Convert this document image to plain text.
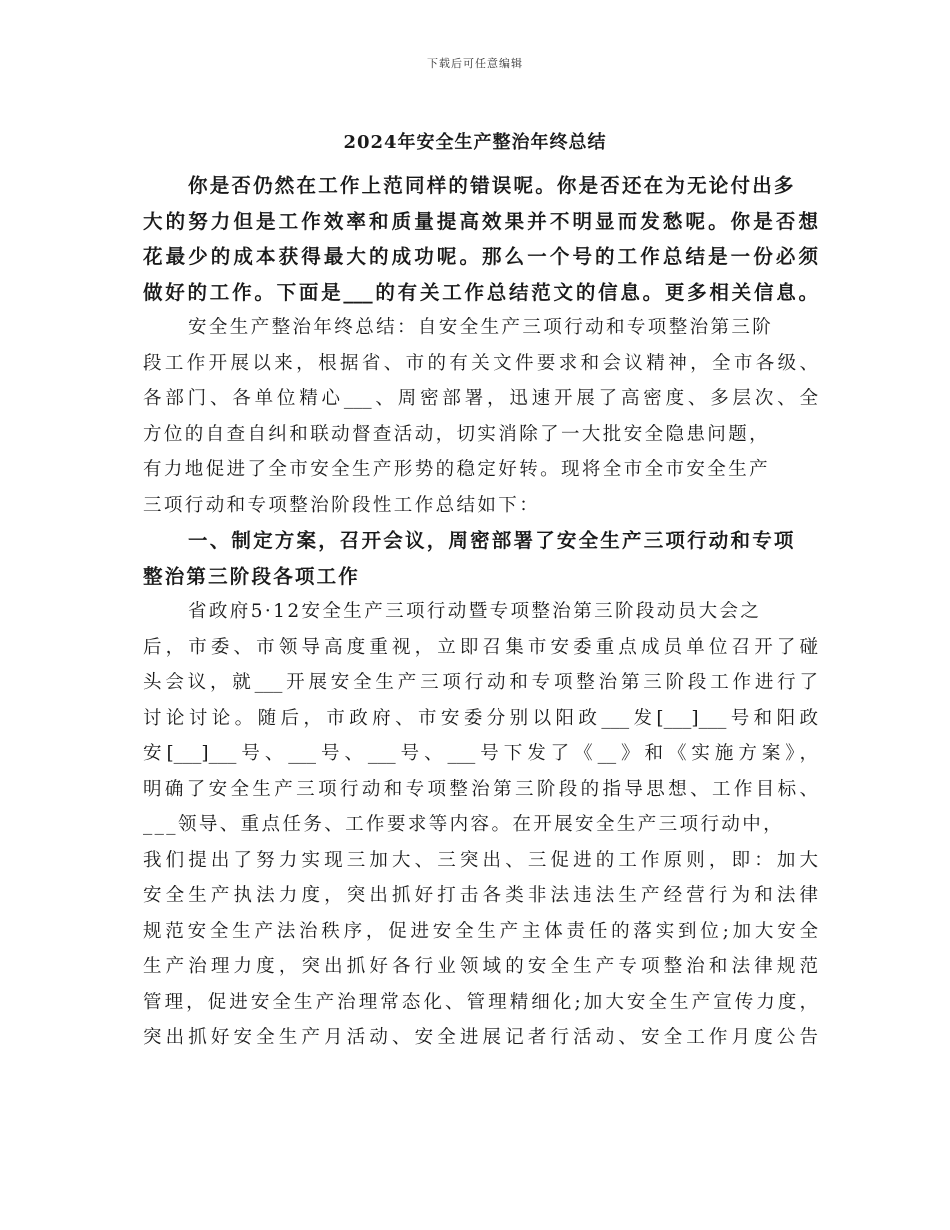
下载后可任意编辑
2024年安全生产整治年终总结
你是否仍然在工作上范同样的错误呢。你是否还在为无论付出多
大的努力但是工作效率和质量提高效果并不明显而发愁呢。你是否想
花最少的成本获得最大的成功呢。那么一个号的工作总结是一份必须
做好的工作。下面是___的有关工作总结范文的信息。更多相关信息。
安全生产整治年终总结：自安全生产三项行动和专项整治第三阶
段工作开展以来，根据省、市的有关文件要求和会议精神，全市各级、
各部门、各单位精心___、周密部署，迅速开展了高密度、多层次、全
方位的自查自纠和联动督查活动，切实消除了一大批安全隐患问题，
有力地促进了全市安全生产形势的稳定好转。现将全市全市安全生产
三项行动和专项整治阶段性工作总结如下：
一、制定方案，召开会议，周密部署了安全生产三项行动和专项
整治第三阶段各项工作
省政府5·12安全生产三项行动暨专项整治第三阶段动员大会之
后，市委、市领导高度重视，立即召集市安委重点成员单位召开了碰
头会议，就___开展安全生产三项行动和专项整治第三阶段工作进行了
讨论讨论。随后，市政府、市安委分别以阳政___发[___]___号和阳政
安[___]___号、___号、___号、___号下发了《__》和《实施方案》，
明确了安全生产三项行动和专项整治第三阶段的指导思想、工作目标、
___领导、重点任务、工作要求等内容。在开展安全生产三项行动中，
我们提出了努力实现三加大、三突出、三促进的工作原则，即：加大
安全生产执法力度，突出抓好打击各类非法违法生产经营行为和法律
规范安全生产法治秩序，促进安全生产主体责任的落实到位;加大安全
生产治理力度，突出抓好各行业领域的安全生产专项整治和法律规范
管理，促进安全生产治理常态化、管理精细化;加大安全生产宣传力度，
突出抓好安全生产月活动、安全进展记者行活动、安全工作月度公告
